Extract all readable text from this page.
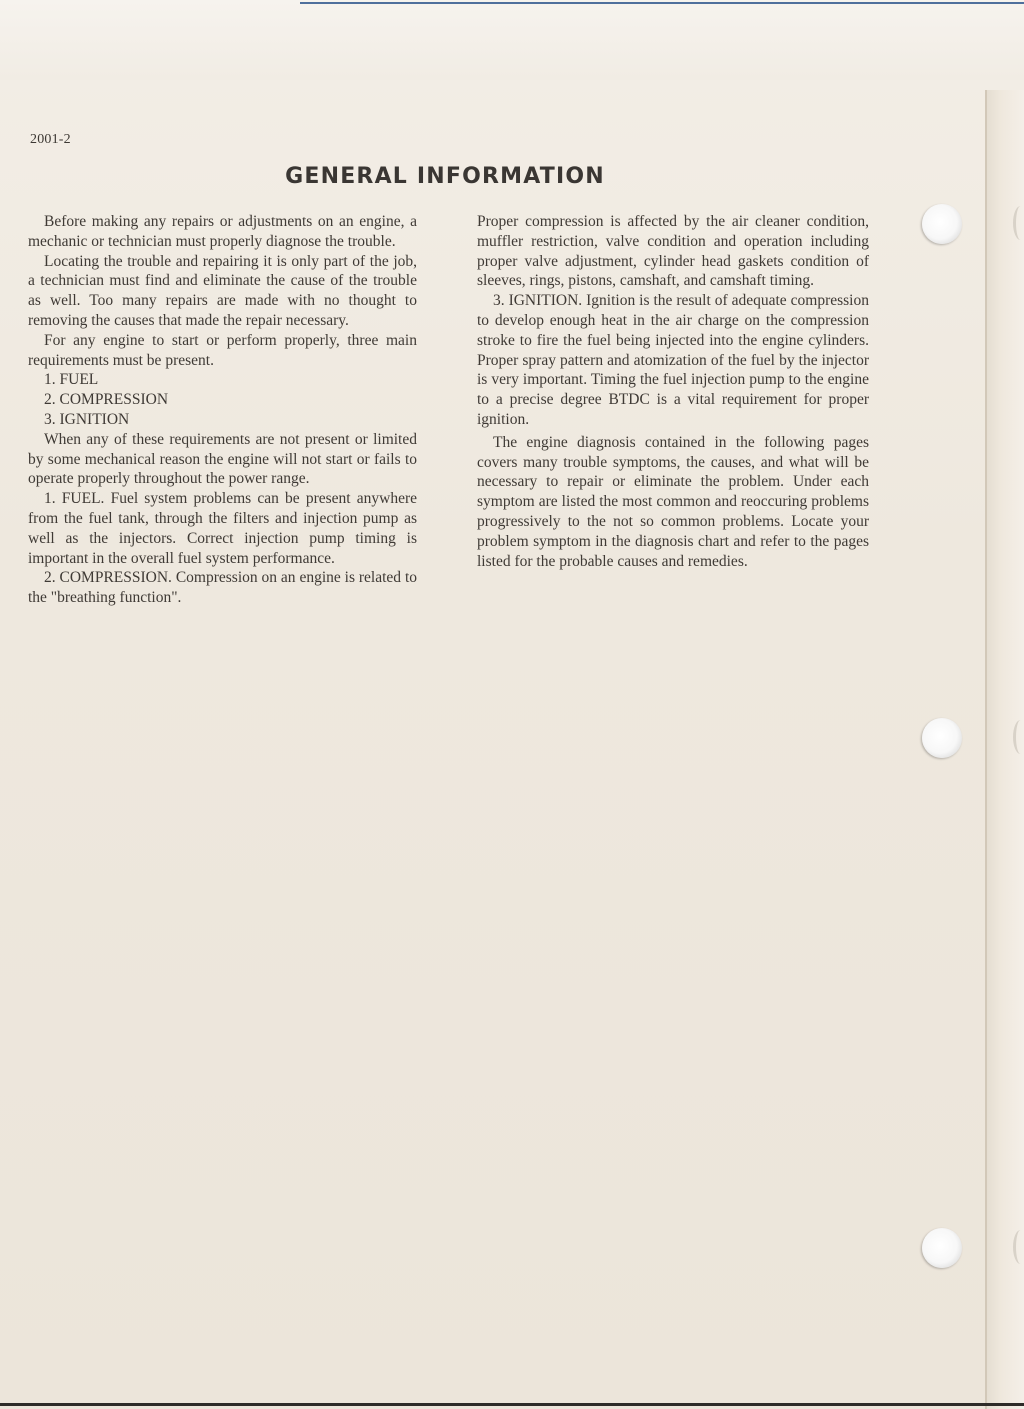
2001-2
GENERAL INFORMATION

Before making any repairs or adjustments on an engine, a mechanic or technician must properly diagnose the trouble.

Locating the trouble and repairing it is only part of the job, a technician must find and eliminate the cause of the trouble as well. Too many repairs are made with no thought to removing the causes that made the repair necessary.

For any engine to start or perform properly, three main requirements must be present.

1. FUEL

2. COMPRESSION

3. IGNITION

When any of these requirements are not present or limited by some mechanical reason the engine will not start or fails to operate properly throughout the power range.

1. FUEL. Fuel system problems can be present anywhere from the fuel tank, through the filters and injection pump as well as the injectors. Correct injection pump timing is important in the overall fuel system performance.

2. COMPRESSION. Compression on an engine is related to the "breathing function".

Proper compression is affected by the air cleaner condition, muffler restriction, valve condition and operation including proper valve adjustment, cylinder head gaskets condition of sleeves, rings, pistons, camshaft, and camshaft timing.

3. IGNITION. Ignition is the result of adequate compression to develop enough heat in the air charge on the compression stroke to fire the fuel being injected into the engine cylinders. Proper spray pattern and atomization of the fuel by the injector is very important. Timing the fuel injection pump to the engine to a precise degree BTDC is a vital requirement for proper ignition.

The engine diagnosis contained in the following pages covers many trouble symptoms, the causes, and what will be necessary to repair or eliminate the problem. Under each symptom are listed the most common and reoccuring problems progressively to the not so common problems. Locate your problem symptom in the diagnosis chart and refer to the pages listed for the probable causes and remedies.
